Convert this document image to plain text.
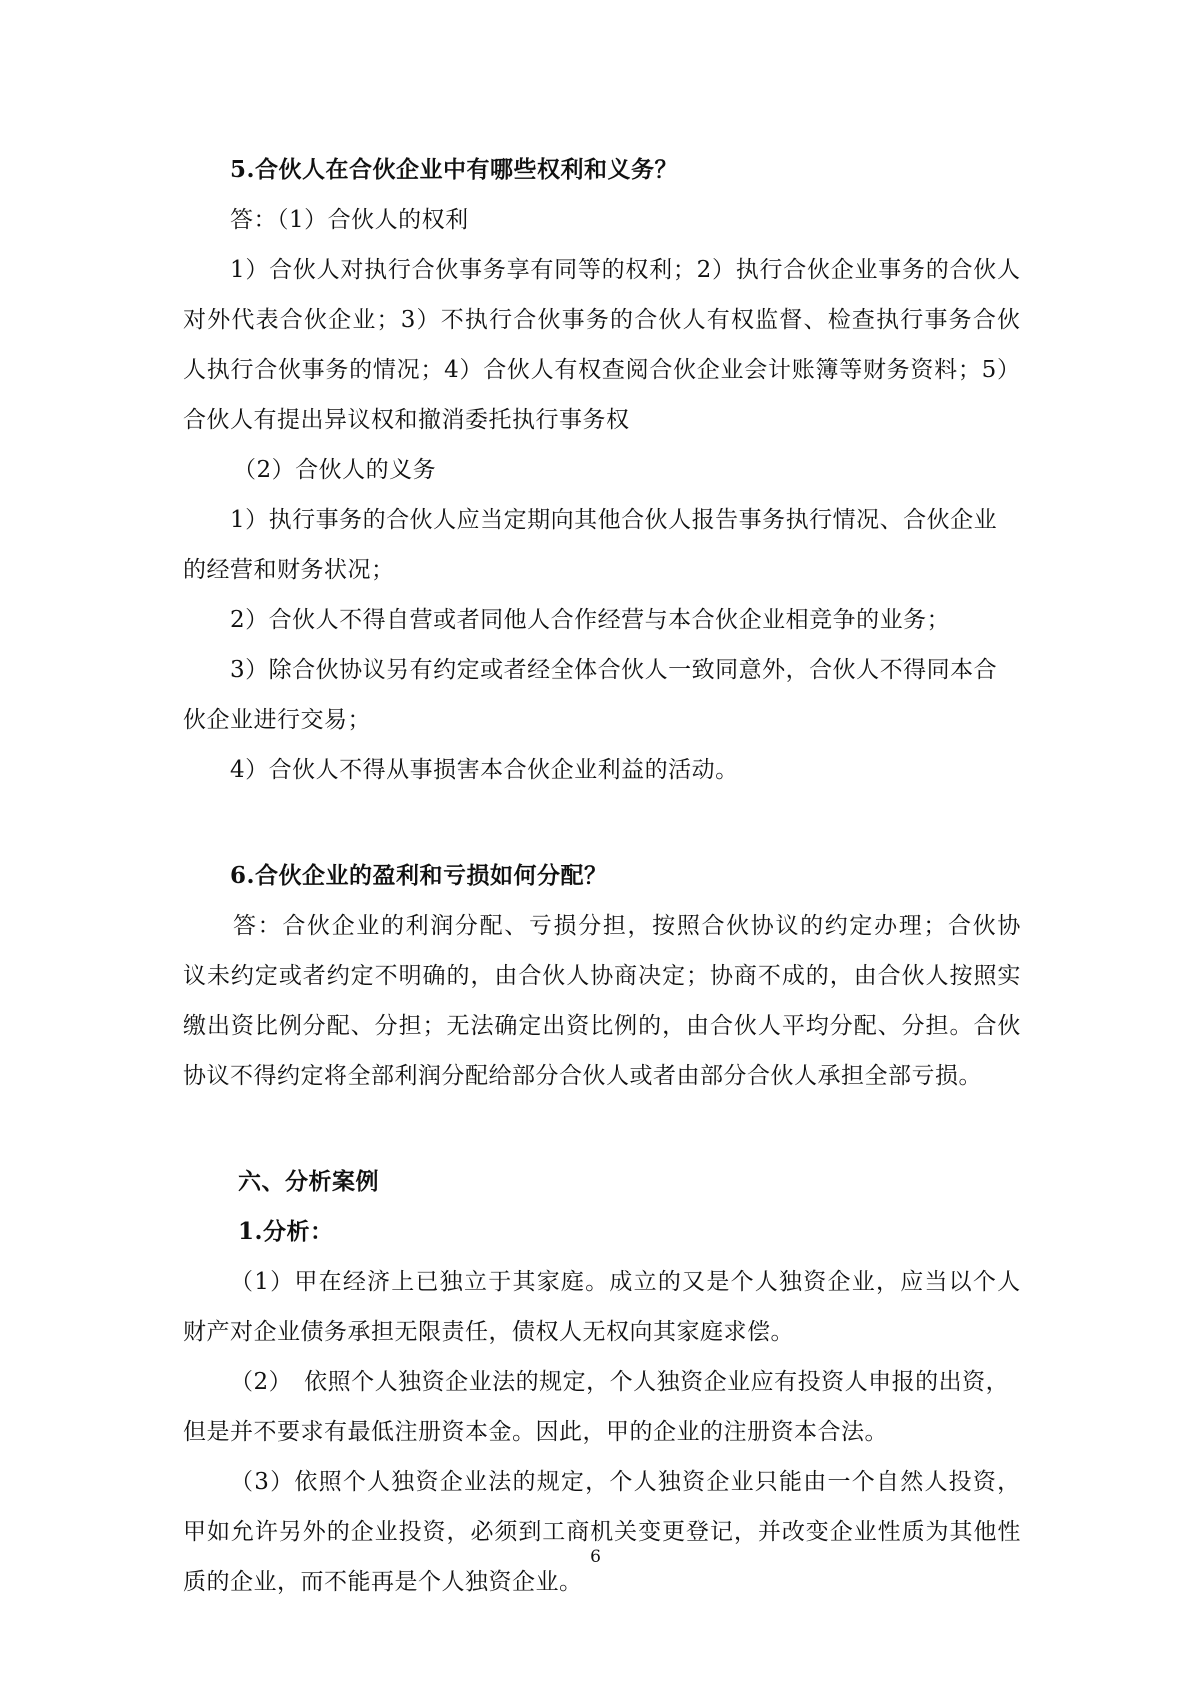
5.合伙人在合伙企业中有哪些权利和义务？
答：（1）合伙人的权利
1 ） 合 伙 人 对 执 行 合 伙 事 务 享 有 同 等 的 权 利 ； 2 ） 执 行 合 伙 企 业 事 务 的 合 伙 人
对 外 代 表 合 伙 企 业 ； 3 ） 不 执 行 合 伙 事 务 的 合 伙 人 有 权 监 督 、 检 查 执 行 事 务 合 伙
人 执 行 合 伙 事 务 的 情 况 ； 4 ） 合 伙 人 有 权 查 阅 合 伙 企 业 会 计 账 簿 等 财 务 资 料 ； 5 ）
合伙人有提出异议权和撤消委托执行事务权
（2）合伙人的义务
1）执行事务的合伙人应当定期向其他合伙人报告事务执行情况、合伙企业
的经营和财务状况；
2）合伙人不得自营或者同他人合作经营与本合伙企业相竞争的业务；
3）除合伙协议另有约定或者经全体合伙人一致同意外，合伙人不得同本合
伙企业进行交易；
4）合伙人不得从事损害本合伙企业利益的活动。
6.合伙企业的盈利和亏损如何分配？
答 ： 合 伙 企 业 的 利 润 分 配 、 亏 损 分 担 ， 按 照 合 伙 协 议 的 约 定 办 理 ； 合 伙 协
议 未 约 定 或 者 约 定 不 明 确 的 ， 由 合 伙 人 协 商 决 定 ； 协 商 不 成 的 ， 由 合 伙 人 按 照 实
缴 出 资 比 例 分 配 、 分 担 ； 无 法 确 定 出 资 比 例 的 ， 由 合 伙 人 平 均 分 配 、 分 担 。 合 伙
协议不得约定将全部利润分配给部分合伙人或者由部分合伙人承担全部亏损。
六、分析案例
1.分析：
（ 1 ） 甲 在 经 济 上 已 独 立 于 其 家 庭 。 成 立 的 又 是 个 人 独 资 企 业 ， 应 当 以 个 人
财产对企业债务承担无限责任，债权人无权向其家庭求偿。
（2）　依照个人独资企业法的规定，个人独资企业应有投资人申报的出资，
但是并不要求有最低注册资本金。因此，甲的企业的注册资本合法。
（ 3 ） 依 照 个 人 独 资 企 业 法 的 规 定 ， 个 人 独 资 企 业 只 能 由 一 个 自 然 人 投 资 ，
甲 如 允 许 另 外 的 企 业 投 资 ， 必 须 到 工 商 机 关 变 更 登 记 ， 并 改 变 企 业 性 质 为 其 他 性
质的企业，而不能再是个人独资企业。
6
